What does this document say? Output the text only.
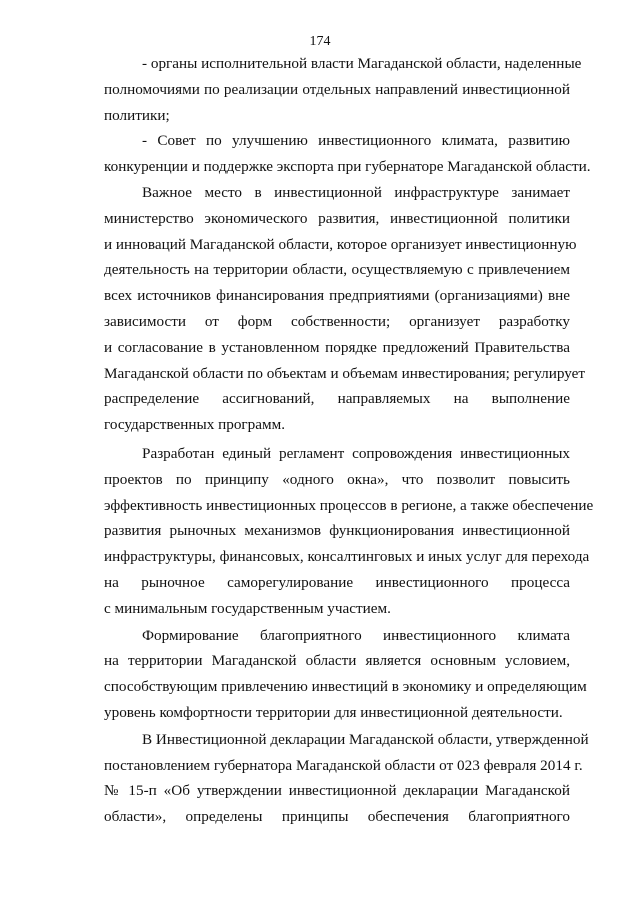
174

- органы исполнительной власти Магаданской области, наделенные
полномочиями по реализации отдельных направлений инвестиционной
политики;

- Совет по улучшению инвестиционного климата, развитию
конкуренции и поддержке экспорта при губернаторе Магаданской области.

Важное место в инвестиционной инфраструктуре занимает
министерство экономического развития, инвестиционной политики
и инноваций Магаданской области, которое организует инвестиционную
деятельность на территории области, осуществляемую с привлечением
всех источников финансирования предприятиями (организациями) вне
зависимости от форм собственности; организует разработку
и согласование в установленном порядке предложений Правительства
Магаданской области по объектам и объемам инвестирования; регулирует
распределение ассигнований, направляемых на выполнение
государственных программ.

Разработан единый регламент сопровождения инвестиционных
проектов по принципу «одного окна», что позволит повысить
эффективность инвестиционных процессов в регионе, а также обеспечение
развития рыночных механизмов функционирования инвестиционной
инфраструктуры, финансовых, консалтинговых и иных услуг для перехода
на рыночное саморегулирование инвестиционного процесса
с минимальным государственным участием.

Формирование благоприятного инвестиционного климата
на территории Магаданской области является основным условием,
способствующим привлечению инвестиций в экономику и определяющим
уровень комфортности территории для инвестиционной деятельности.

В Инвестиционной декларации Магаданской области, утвержденной
постановлением губернатора Магаданской области от 023 февраля 2014 г.
№ 15-п «Об утверждении инвестиционной декларации Магаданской
области», определены принципы обеспечения благоприятного
